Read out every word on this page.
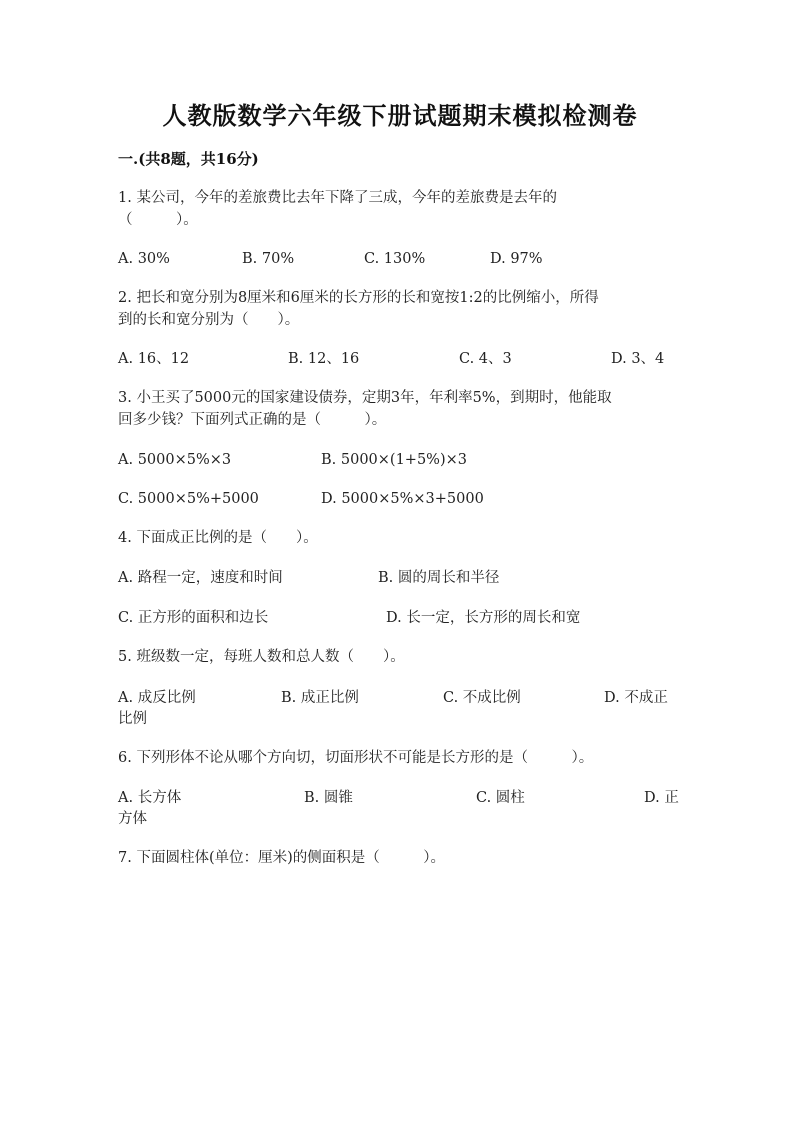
人教版数学六年级下册试题期末模拟检测卷
一.(共8题，共16分)
1. 某公司，今年的差旅费比去年下降了三成，今年的差旅费是去年的
（　　　）。
A. 30%	B. 70%	C. 130%	D. 97%
2. 把长和宽分别为8厘米和6厘米的长方形的长和宽按1:2的比例缩小，所得
到的长和宽分别为（　　）。
A. 16、12	B. 12、16	C. 4、3	D. 3、4
3. 小王买了5000元的国家建设债券，定期3年，年利率5%，到期时，他能取
回多少钱？下面列式正确的是（　　　）。
A. 5000×5%×3	B. 5000×(1+5%)×3
C. 5000×5%+5000	D. 5000×5%×3+5000
4. 下面成正比例的是（　　）。
A. 路程一定，速度和时间	B. 圆的周长和半径
C. 正方形的面积和边长	D. 长一定，长方形的周长和宽
5. 班级数一定，每班人数和总人数（　　）。
A. 成反比例	B. 成正比例	C. 不成比例	D. 不成正
比例
6. 下列形体不论从哪个方向切，切面形状不可能是长方形的是（　　　）。
A. 长方体	B. 圆锥	C. 圆柱	D. 正
方体
7. 下面圆柱体(单位：厘米)的侧面积是（　　　）。
